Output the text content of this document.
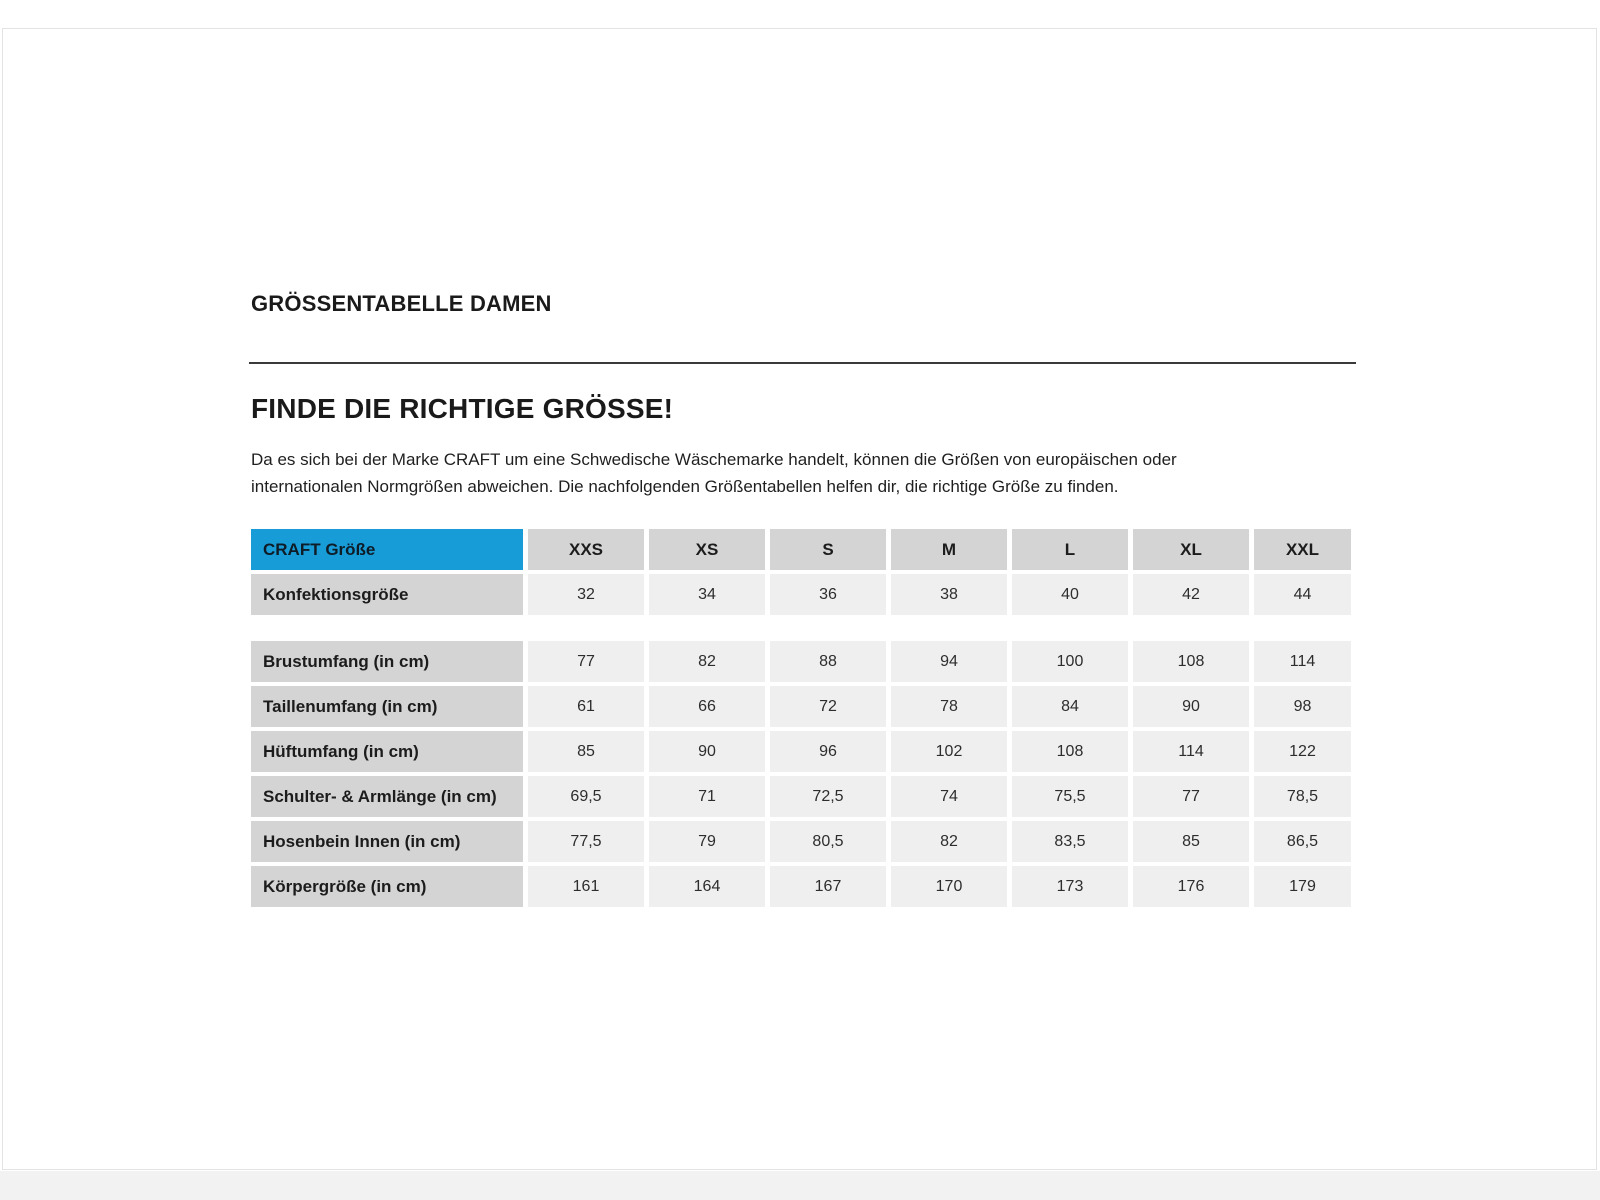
GRÖSSENTABELLE DAMEN
FINDE DIE RICHTIGE GRÖSSE!
Da es sich bei der Marke CRAFT um eine Schwedische Wäschemarke handelt, können die Größen von europäischen oder
internationalen Normgrößen abweichen. Die nachfolgenden Größentabellen helfen dir, die richtige Größe zu finden.
CRAFT Größe	XXS	XS	S	M	L	XL	XXL
Konfektionsgröße	32	34	36	38	40	42	44
Brustumfang (in cm)	77	82	88	94	100	108	114
Taillenumfang (in cm)	61	66	72	78	84	90	98
Hüftumfang (in cm)	85	90	96	102	108	114	122
Schulter- & Armlänge (in cm)	69,5	71	72,5	74	75,5	77	78,5
Hosenbein Innen (in cm)	77,5	79	80,5	82	83,5	85	86,5
Körpergröße (in cm)	161	164	167	170	173	176	179
